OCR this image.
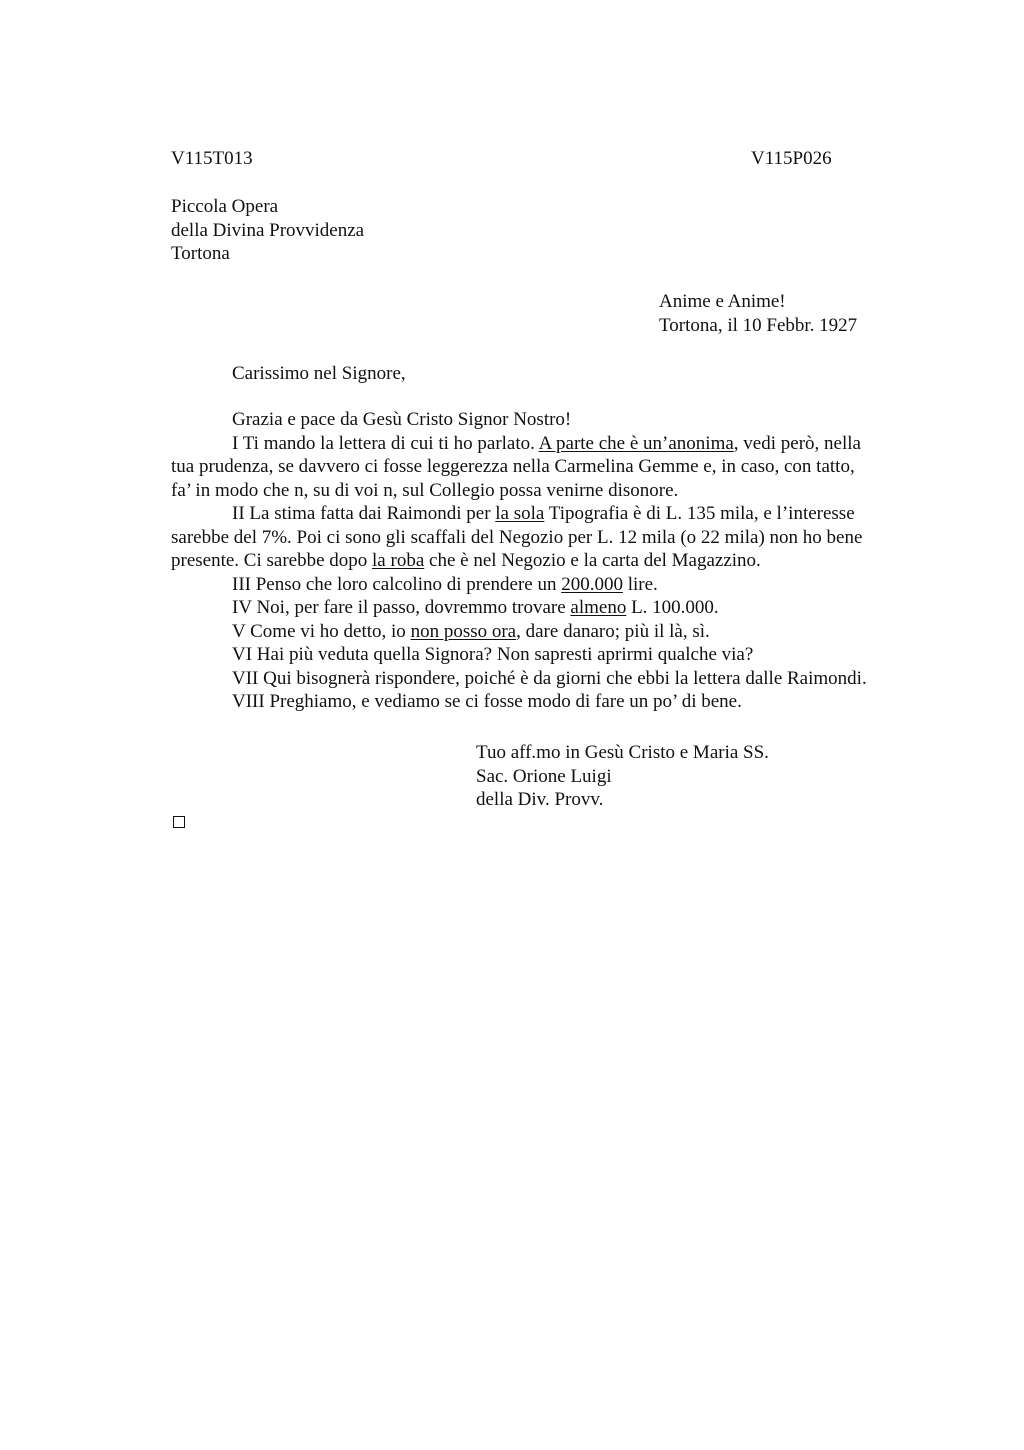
V115T013	V115P026
Piccola Opera
della Divina Provvidenza
Tortona
Anime e Anime!
Tortona, il 10 Febbr. 1927
Carissimo nel Signore,
Grazia e pace da Gesù Cristo Signor Nostro!
I Ti mando la lettera di cui ti ho parlato. A parte che è un’anonima, vedi però, nella
tua prudenza, se davvero ci fosse leggerezza nella Carmelina Gemme e, in caso, con tatto,
fa’ in modo che n, su di voi n, sul Collegio possa venirne disonore.
II La stima fatta dai Raimondi per la sola Tipografia è di L. 135 mila, e l’interesse
sarebbe del 7%. Poi ci sono gli scaffali del Negozio per L. 12 mila (o 22 mila) non ho bene
presente. Ci sarebbe dopo la roba che è nel Negozio e la carta del Magazzino.
III Penso che loro calcolino di prendere un 200.000 lire.
IV Noi, per fare il passo, dovremmo trovare almeno L. 100.000.
V Come vi ho detto, io non posso ora, dare danaro; più il là, sì.
VI Hai più veduta quella Signora? Non sapresti aprirmi qualche via?
VII Qui bisognerà rispondere, poiché è da giorni che ebbi la lettera dalle Raimondi.
VIII Preghiamo, e vediamo se ci fosse modo di fare un po’ di bene.
Tuo aff.mo in Gesù Cristo e Maria SS.
Sac. Orione Luigi
della Div. Provv.
